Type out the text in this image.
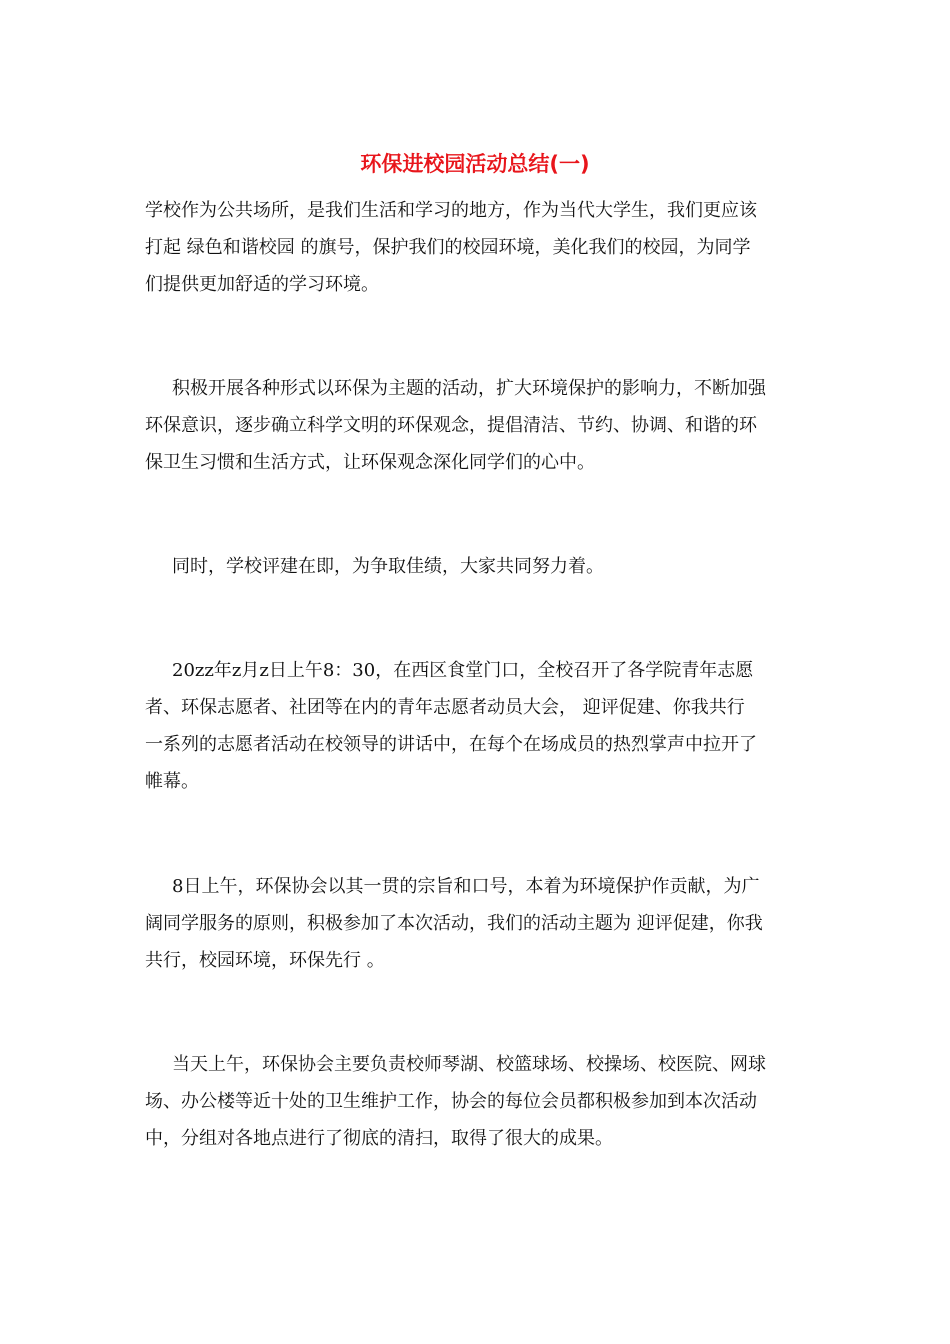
环保进校园活动总结(一)

学校作为公共场所，是我们生活和学习的地方，作为当代大学生，我们更应该
打起 绿色和谐校园 的旗号，保护我们的校园环境，美化我们的校园，为同学
们提供更加舒适的学习环境。

积极开展各种形式以环保为主题的活动，扩大环境保护的影响力，不断加强
环保意识，逐步确立科学文明的环保观念，提倡清洁、节约、协调、和谐的环
保卫生习惯和生活方式，让环保观念深化同学们的心中。

同时，学校评建在即，为争取佳绩，大家共同努力着。

20zz年z月z日上午8：30，在西区食堂门口，全校召开了各学院青年志愿
者、环保志愿者、社团等在内的青年志愿者动员大会， 迎评促建、你我共行
一系列的志愿者活动在校领导的讲话中，在每个在场成员的热烈掌声中拉开了
帷幕。

8日上午，环保协会以其一贯的宗旨和口号，本着为环境保护作贡献，为广
阔同学服务的原则，积极参加了本次活动，我们的活动主题为 迎评促建，你我
共行，校园环境，环保先行 。

当天上午，环保协会主要负责校师琴湖、校篮球场、校操场、校医院、网球
场、办公楼等近十处的卫生维护工作，协会的每位会员都积极参加到本次活动
中，分组对各地点进行了彻底的清扫，取得了很大的成果。
